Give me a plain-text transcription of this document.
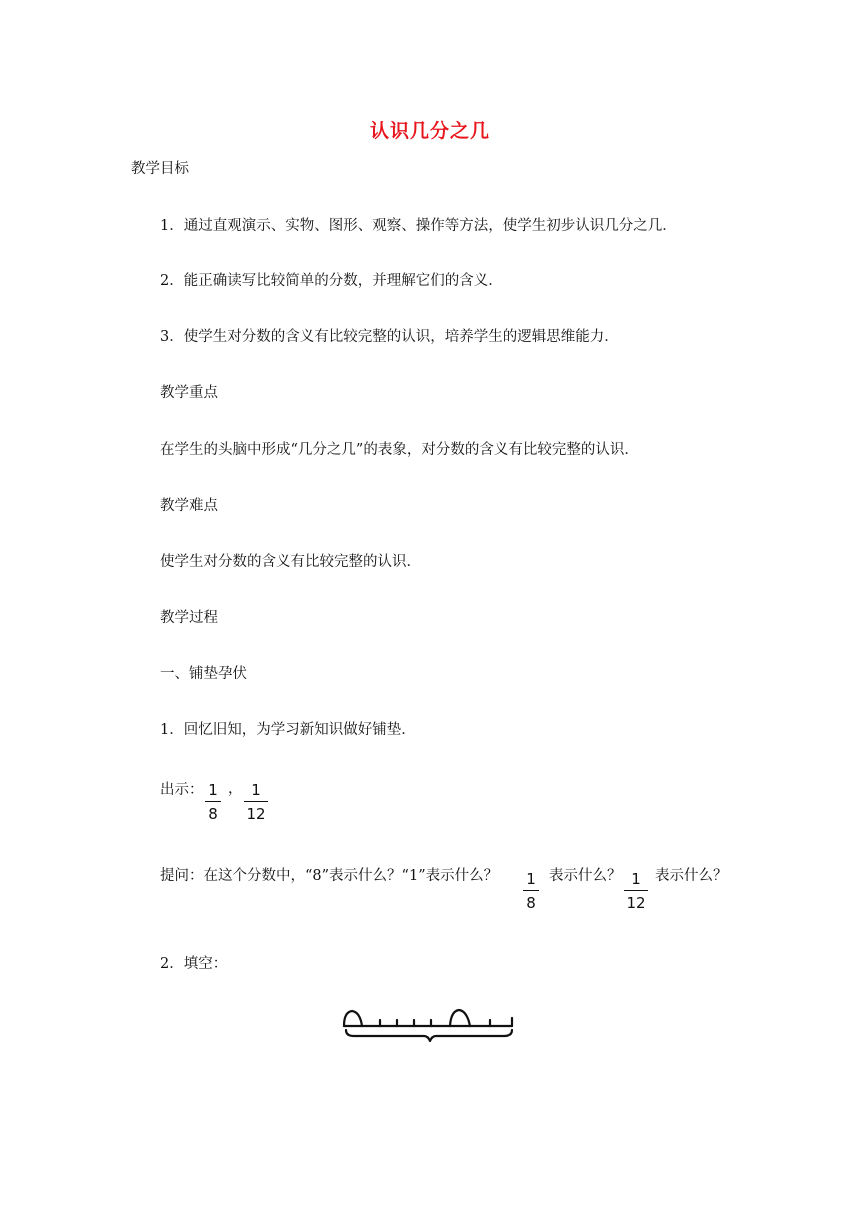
认识几分之几
教学目标
1．通过直观演示、实物、图形、观察、操作等方法，使学生初步认识几分之几．
2．能正确读写比较简单的分数，并理解它们的含义．
3．使学生对分数的含义有比较完整的认识，培养学生的逻辑思维能力．
教学重点
在学生的头脑中形成“几分之几”的表象，对分数的含义有比较完整的认识．
教学难点
使学生对分数的含义有比较完整的认识．
教学过程
一、铺垫孕伏
1．回忆旧知，为学习新知识做好铺垫．
出示： 1
8
， 1
12
提问：在这个分数中，“8”表示什么？“1”表示什么？ 1
8
表示什么？ 1
12
表示什么？
2．填空：
